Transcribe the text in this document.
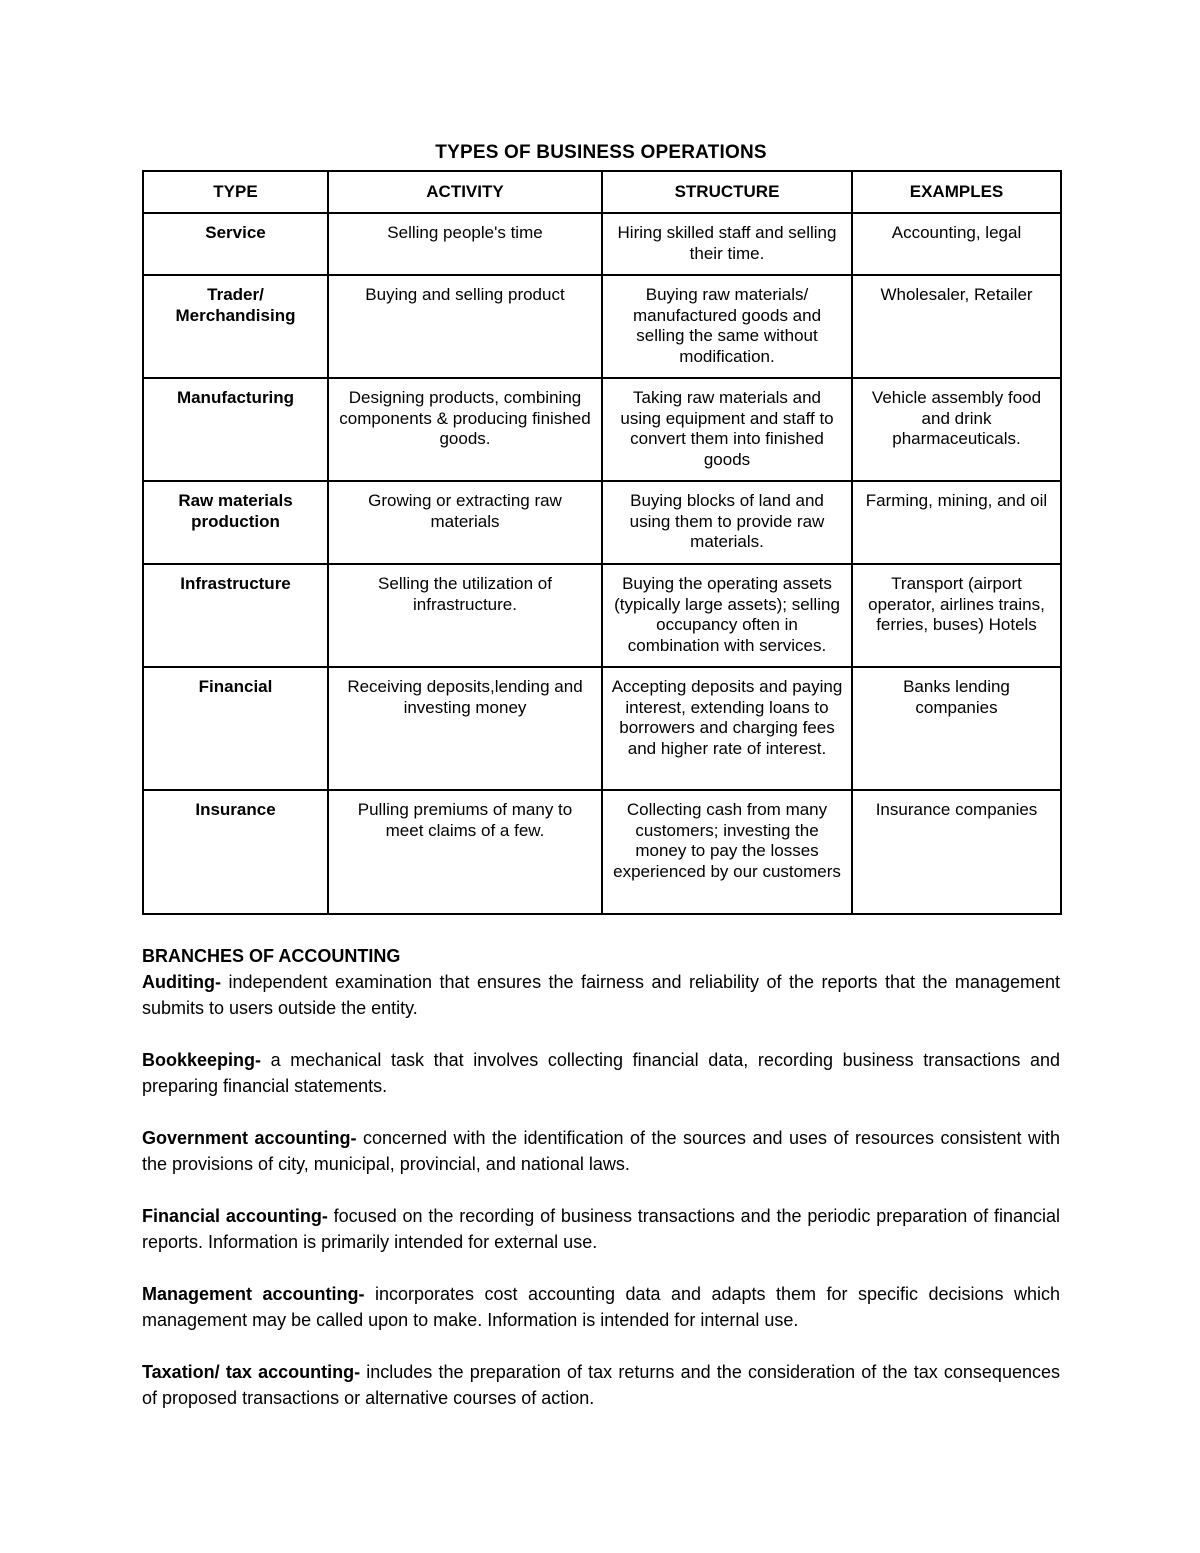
TYPES OF BUSINESS OPERATIONS
TYPE	ACTIVITY	STRUCTURE	EXAMPLES
Service	Selling people's time	Hiring skilled staff and selling their time.	Accounting, legal
Trader/ Merchandising	Buying and selling product	Buying raw materials/ manufactured goods and selling the same without modification.	Wholesaler, Retailer
Manufacturing	Designing products, combining components & producing finished goods.	Taking raw materials and using equipment and staff to convert them into finished goods	Vehicle assembly food and drink pharmaceuticals.
Raw materials production	Growing or extracting raw materials	Buying blocks of land and using them to provide raw materials.	Farming, mining, and oil
Infrastructure	Selling the utilization of infrastructure.	Buying the operating assets (typically large assets); selling occupancy often in combination with services.	Transport (airport operator, airlines trains, ferries, buses) Hotels
Financial	Receiving deposits,lending and investing money	Accepting deposits and paying interest, extending loans to borrowers and charging fees and higher rate of interest.	Banks lending companies
Insurance	Pulling premiums of many to meet claims of a few.	Collecting cash from many customers; investing the money to pay the losses experienced by our customers	Insurance companies

BRANCHES OF ACCOUNTING

Auditing- independent examination that ensures the fairness and reliability of the reports that the management submits to users outside the entity.

Bookkeeping- a mechanical task that involves collecting financial data, recording business transactions and preparing financial statements.

Government accounting- concerned with the identification of the sources and uses of resources consistent with the provisions of city, municipal, provincial, and national laws.

Financial accounting- focused on the recording of business transactions and the periodic preparation of financial reports. Information is primarily intended for external use.

Management accounting- incorporates cost accounting data and adapts them for specific decisions which management may be called upon to make. Information is intended for internal use.

Taxation/ tax accounting- includes the preparation of tax returns and the consideration of the tax consequences of proposed transactions or alternative courses of action.
